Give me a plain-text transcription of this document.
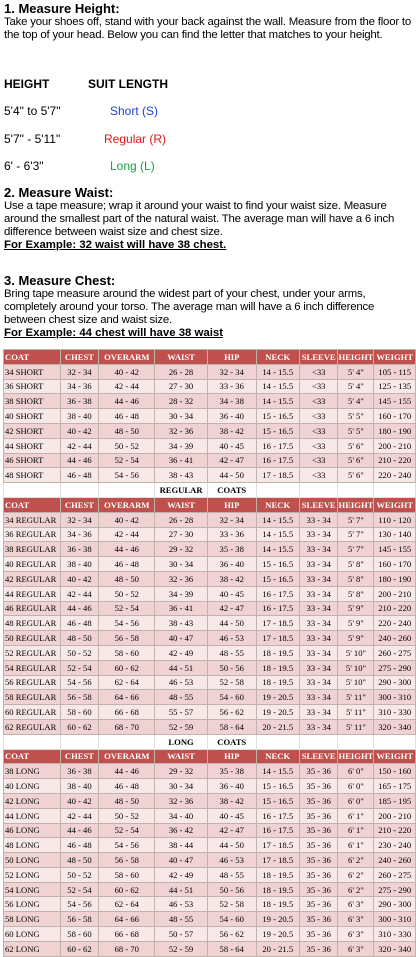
1. Measure Height:

Take your shoes off, stand with your back against the wall. Measure from the floor to the top of your head. Below you can find the letter that matches to your height.

HEIGHT	SUIT LENGTH
5'4" to 5'7"	Short (S)
5'7" - 5'11"	Regular (R)
6' - 6'3"	Long (L)

2. Measure Waist:

Use a tape measure; wrap it around your waist to find your waist size. Measure around the smallest part of the natural waist. The average man will have a 6 inch difference between waist size and chest size.

For Example: 32 waist will have 38 chest.

3. Measure Chest:

Bring tape measure around the widest part of your chest, under your arms, completely around your torso. The average man will have a 6 inch difference between chest size and waist size.

For Example: 44 chest will have 38 waist

COAT	CHEST	OVERARM	WAIST	HIP	NECK	SLEEVE	HEIGHT	WEIGHT
34 SHORT	32 - 34	40 - 42	26 - 28	32 - 34	14 - 15.5	<33	5' 4"	105 - 115
36 SHORT	34 - 36	42 - 44	27 - 30	33 - 36	14 - 15.5	<33	5' 4"	125 - 135
38 SHORT	36 - 38	44 - 46	28 - 32	34 - 38	14 - 15.5	<33	5' 4"	145 - 155
40 SHORT	38 - 40	46 - 48	30 - 34	36 - 40	15 - 16.5	<33	5' 5"	160 - 170
42 SHORT	40 - 42	48 - 50	32 - 36	38 - 42	15 - 16.5	<33	5' 5"	180 - 190
44 SHORT	42 - 44	50 - 52	34 - 39	40 - 45	16 - 17.5	<33	5' 6"	200 - 210
46 SHORT	44 - 46	52 - 54	36 - 41	42 - 47	16 - 17.5	<33	5' 6"	210 - 220
48 SHORT	46 - 48	54 - 56	38 - 43	44 - 50	17 - 18.5	<33	5' 6"	220 - 240
			REGULAR	COATS				
COAT	CHEST	OVERARM	WAIST	HIP	NECK	SLEEVE	HEIGHT	WEIGHT
34 REGULAR	32 - 34	40 - 42	26 - 28	32 - 34	14 - 15.5	33 - 34	5' 7"	110 - 120
36 REGULAR	34 - 36	42 - 44	27 - 30	33 - 36	14 - 15.5	33 - 34	5' 7"	130 - 140
38 REGULAR	36 - 38	44 - 46	29 - 32	35 - 38	14 - 15.5	33 - 34	5' 7"	145 - 155
40 REGULAR	38 - 40	46 - 48	30 - 34	36 - 40	15 - 16.5	33 - 34	5' 8"	160 - 170
42 REGULAR	40 - 42	48 - 50	32 - 36	38 - 42	15 - 16.5	33 - 34	5' 8"	180 - 190
44 REGULAR	42 - 44	50 - 52	34 - 39	40 - 45	16 - 17.5	33 - 34	5' 8"	200 - 210
46 REGULAR	44 - 46	52 - 54	36 - 41	42 - 47	16 - 17.5	33 - 34	5' 9"	210 - 220
48 REGULAR	46 - 48	54 - 56	38 - 43	44 - 50	17 - 18.5	33 - 34	5' 9"	220 - 240
50 REGULAR	48 - 50	56 - 58	40 - 47	46 - 53	17 - 18.5	33 - 34	5' 9"	240 - 260
52 REGULAR	50 - 52	58 - 60	42 - 49	48 - 55	18 - 19.5	33 - 34	5' 10"	260 - 275
54 REGULAR	52 - 54	60 - 62	44 - 51	50 - 56	18 - 19.5	33 - 34	5' 10"	275 - 290
56 REGULAR	54 - 56	62 - 64	46 - 53	52 - 58	18 - 19.5	33 - 34	5' 10"	290 - 300
58 REGULAR	56 - 58	64 - 66	48 - 55	54 - 60	19 - 20.5	33 - 34	5' 11"	300 - 310
60 REGULAR	58 - 60	66 - 68	55 - 57	56 - 62	19 - 20.5	33 - 34	5' 11"	310 - 330
62 REGULAR	60 - 62	68 - 70	52 - 59	58 - 64	20 - 21.5	33 - 34	5' 11"	320 - 340
			LONG	COATS				
COAT	CHEST	OVERARM	WAIST	HIP	NECK	SLEEVE	HEIGHT	WEIGHT
38 LONG	36 - 38	44 - 46	29 - 32	35 - 38	14 - 15.5	35 - 36	6' 0"	150 - 160
40 LONG	38 - 40	46 - 48	30 - 34	36 - 40	15 - 16.5	35 - 36	6' 0"	165 - 175
42 LONG	40 - 42	48 - 50	32 - 36	38 - 42	15 - 16.5	35 - 36	6' 0"	185 - 195
44 LONG	42 - 44	50 - 52	34 - 40	40 - 45	16 - 17.5	35 - 36	6' 1"	200 - 210
46 LONG	44 - 46	52 - 54	36 - 42	42 - 47	16 - 17.5	35 - 36	6' 1"	210 - 220
48 LONG	46 - 48	54 - 56	38 - 44	44 - 50	17 - 18.5	35 - 36	6' 1"	230 - 240
50 LONG	48 - 50	56 - 58	40 - 47	46 - 53	17 - 18.5	35 - 36	6' 2"	240 - 260
52 LONG	50 - 52	58 - 60	42 - 49	48 - 55	18 - 19.5	35 - 36	6' 2"	260 - 275
54 LONG	52 - 54	60 - 62	44 - 51	50 - 56	18 - 19.5	35 - 36	6' 2"	275 - 290
56 LONG	54 - 56	62 - 64	46 - 53	52 - 58	18 - 19.5	35 - 36	6' 3"	290 - 300
58 LONG	56 - 58	64 - 66	48 - 55	54 - 60	19 - 20.5	35 - 36	6' 3"	300 - 310
60 LONG	58 - 60	66 - 68	50 - 57	56 - 62	19 - 20.5	35 - 36	6' 3"	310 - 330
62 LONG	60 - 62	68 - 70	52 - 59	58 - 64	20 - 21.5	35 - 36	6' 3"	320 - 340
